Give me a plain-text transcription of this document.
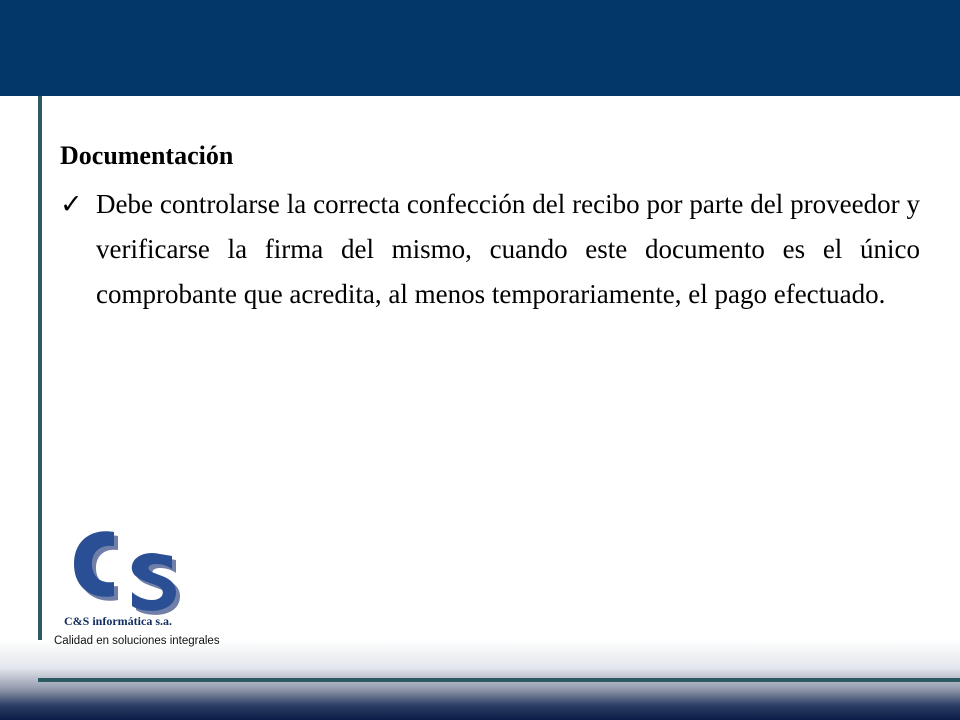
Documentación
✓ Debe controlarse la correcta confección del recibo por parte del proveedor y verificarse la firma del mismo, cuando este documento es el único comprobante que acredita, al menos temporariamente, el pago efectuado.
&
C&S informática s.a.
Calidad en soluciones integrales
